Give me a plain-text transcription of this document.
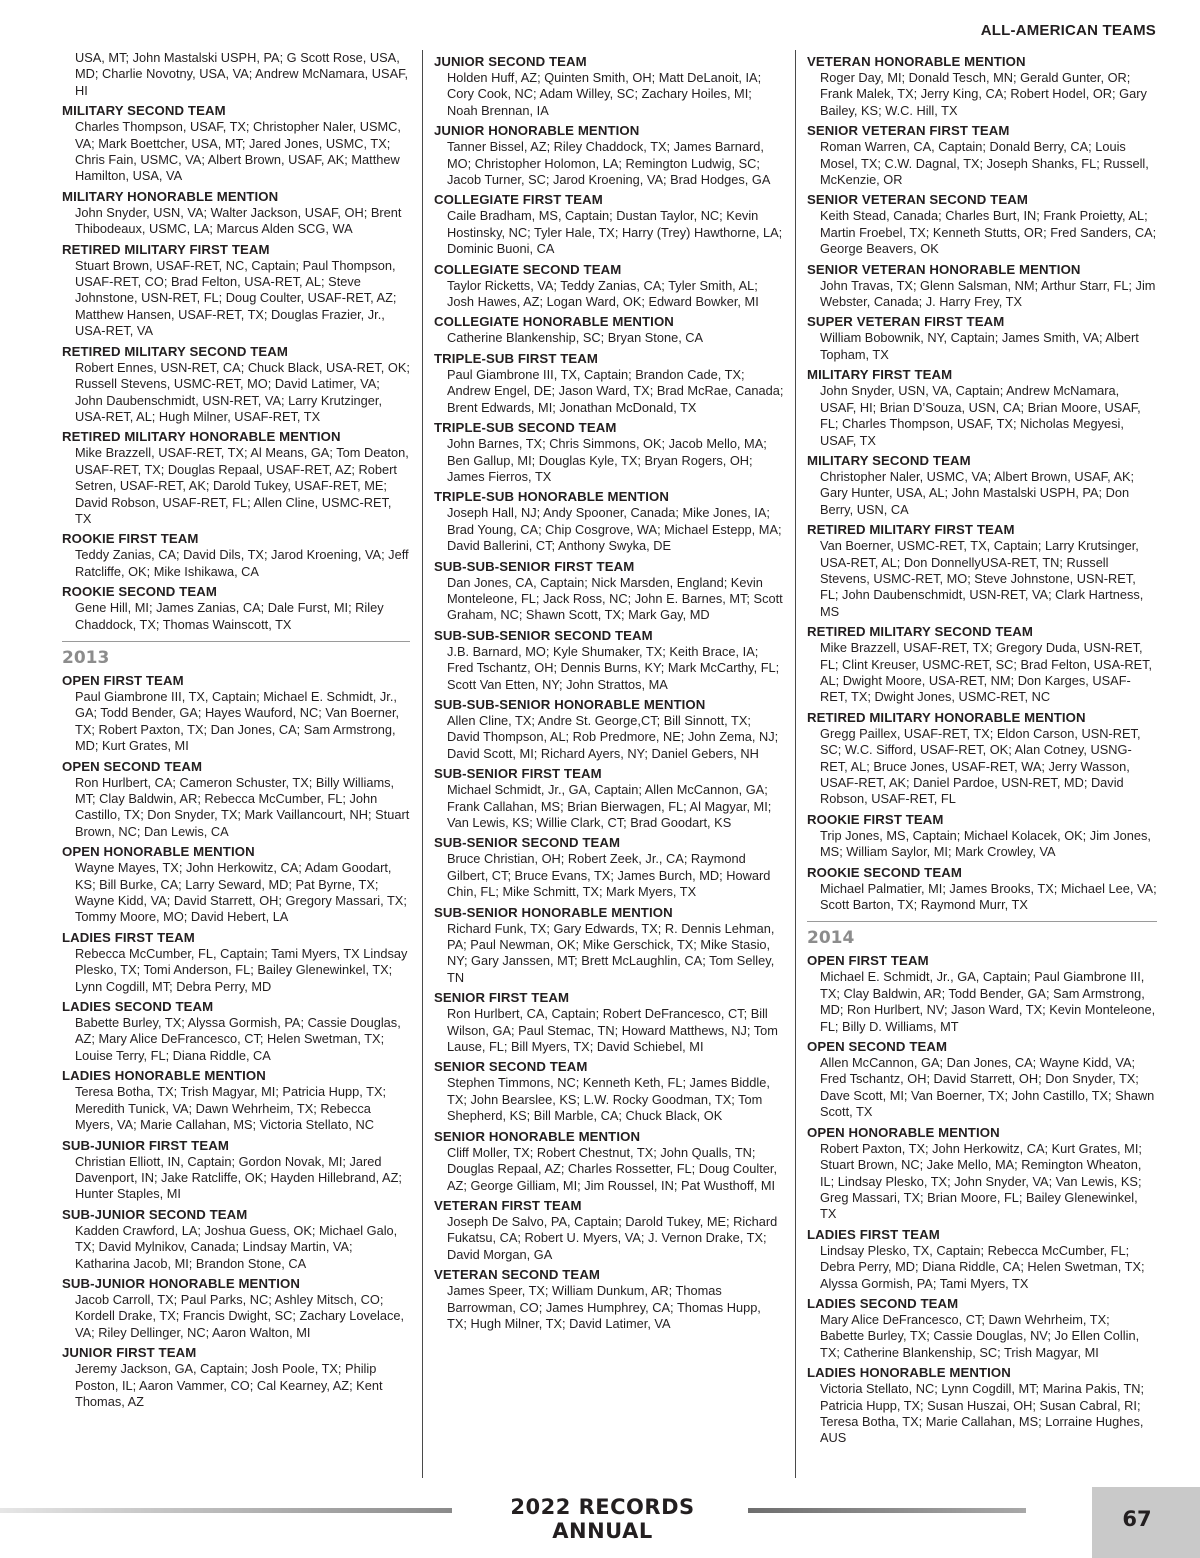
ALL-AMERICAN TEAMS
USA, MT; John Mastalski USPH, PA; G Scott Rose, USA, MD; Charlie Novotny, USA, VA; Andrew McNamara, USAF, HI
MILITARY SECOND TEAM
Charles Thompson, USAF, TX; Christopher Naler, USMC, VA; Mark Boettcher, USA, MT; Jared Jones, USMC, TX; Chris Fain, USMC, VA; Albert Brown, USAF, AK; Matthew Hamilton, USA, VA
MILITARY HONORABLE MENTION
John Snyder, USN, VA; Walter Jackson, USAF, OH; Brent Thibodeaux, USMC, LA; Marcus Alden SCG, WA
RETIRED MILITARY FIRST TEAM
Stuart Brown, USAF-RET, NC, Captain; Paul Thompson, USAF-RET, CO; Brad Felton, USA-RET, AL; Steve Johnstone, USN-RET, FL; Doug Coulter, USAF-RET, AZ; Matthew Hansen, USAF-RET, TX; Douglas Frazier, Jr., USA-RET, VA
RETIRED MILITARY SECOND TEAM
Robert Ennes, USN-RET, CA; Chuck Black, USA-RET, OK; Russell Stevens, USMC-RET, MO; David Latimer, VA; John Daubenschmidt, USN-RET, VA; Larry Krutzinger, USA-RET, AL; Hugh Milner, USAF-RET, TX
RETIRED MILITARY HONORABLE MENTION
Mike Brazzell, USAF-RET, TX; Al Means, GA; Tom Deaton, USAF-RET, TX; Douglas Repaal, USAF-RET, AZ; Robert Setren, USAF-RET, AK; Darold Tukey, USAF-RET, ME; David Robson, USAF-RET, FL; Allen Cline, USMC-RET, TX
ROOKIE FIRST TEAM
Teddy Zanias, CA; David Dils, TX; Jarod Kroening, VA; Jeff Ratcliffe, OK; Mike Ishikawa, CA
ROOKIE SECOND TEAM
Gene Hill, MI; James Zanias, CA; Dale Furst, MI; Riley Chaddock, TX; Thomas Wainscott, TX
2013
OPEN FIRST TEAM
Paul Giambrone III, TX, Captain; Michael E. Schmidt, Jr., GA; Todd Bender, GA; Hayes Wauford, NC; Van Boerner, TX; Robert Paxton, TX; Dan Jones, CA; Sam Armstrong, MD; Kurt Grates, MI
OPEN SECOND TEAM
Ron Hurlbert, CA; Cameron Schuster, TX; Billy Williams, MT; Clay Baldwin, AR; Rebecca McCumber, FL; John Castillo, TX; Don Snyder, TX; Mark Vaillancourt, NH; Stuart Brown, NC; Dan Lewis, CA
OPEN HONORABLE MENTION
Wayne Mayes, TX; John Herkowitz, CA; Adam Goodart, KS; Bill Burke, CA; Larry Seward, MD; Pat Byrne, TX; Wayne Kidd, VA; David Starrett, OH; Gregory Massari, TX; Tommy Moore, MO; David Hebert, LA
LADIES FIRST TEAM
Rebecca McCumber, FL, Captain; Tami Myers, TX Lindsay Plesko, TX; Tomi Anderson, FL; Bailey Glenewinkel, TX; Lynn Cogdill, MT; Debra Perry, MD
LADIES SECOND TEAM
Babette Burley, TX; Alyssa Gormish, PA; Cassie Douglas, AZ; Mary Alice DeFrancesco, CT; Helen Swetman, TX; Louise Terry, FL; Diana Riddle, CA
LADIES HONORABLE MENTION
Teresa Botha, TX; Trish Magyar, MI; Patricia Hupp, TX; Meredith Tunick, VA; Dawn Wehrheim, TX; Rebecca Myers, VA; Marie Callahan, MS; Victoria Stellato, NC
SUB-JUNIOR FIRST TEAM
Christian Elliott, IN, Captain; Gordon Novak, MI; Jared Davenport, IN; Jake Ratcliffe, OK; Hayden Hillebrand, AZ; Hunter Staples, MI
SUB-JUNIOR SECOND TEAM
Kadden Crawford, LA; Joshua Guess, OK; Michael Galo, TX; David Mylnikov, Canada; Lindsay Martin, VA; Katharina Jacob, MI; Brandon Stone, CA
SUB-JUNIOR HONORABLE MENTION
Jacob Carroll, TX; Paul Parks, NC; Ashley Mitsch, CO; Kordell Drake, TX; Francis Dwight, SC; Zachary Lovelace, VA; Riley Dellinger, NC; Aaron Walton, MI
JUNIOR FIRST TEAM
Jeremy Jackson, GA, Captain; Josh Poole, TX; Philip Poston, IL; Aaron Vammer, CO; Cal Kearney, AZ; Kent Thomas, AZ
JUNIOR SECOND TEAM
Holden Huff, AZ; Quinten Smith, OH; Matt DeLanoit, IA; Cory Cook, NC; Adam Willey, SC; Zachary Hoiles, MI; Noah Brennan, IA
JUNIOR HONORABLE MENTION
Tanner Bissel, AZ; Riley Chaddock, TX; James Barnard, MO; Christopher Holomon, LA; Remington Ludwig, SC; Jacob Turner, SC; Jarod Kroening, VA; Brad Hodges, GA
COLLEGIATE FIRST TEAM
Caile Bradham, MS, Captain; Dustan Taylor, NC; Kevin Hostinsky, NC; Tyler Hale, TX; Harry (Trey) Hawthorne, LA; Dominic Buoni, CA
COLLEGIATE SECOND TEAM
Taylor Ricketts, VA; Teddy Zanias, CA; Tyler Smith, AL; Josh Hawes, AZ; Logan Ward, OK; Edward Bowker, MI
COLLEGIATE HONORABLE MENTION
Catherine Blankenship, SC; Bryan Stone, CA
TRIPLE-SUB FIRST TEAM
Paul Giambrone III, TX, Captain; Brandon Cade, TX; Andrew Engel, DE; Jason Ward, TX; Brad McRae, Canada; Brent Edwards, MI; Jonathan McDonald, TX
TRIPLE-SUB SECOND TEAM
John Barnes, TX; Chris Simmons, OK; Jacob Mello, MA; Ben Gallup, MI; Douglas Kyle, TX; Bryan Rogers, OH; James Fierros, TX
TRIPLE-SUB HONORABLE MENTION
Joseph Hall, NJ; Andy Spooner, Canada; Mike Jones, IA; Brad Young, CA; Chip Cosgrove, WA; Michael Estepp, MA; David Ballerini, CT; Anthony Swyka, DE
SUB-SUB-SENIOR FIRST TEAM
Dan Jones, CA, Captain; Nick Marsden, England; Kevin Monteleone, FL; Jack Ross, NC; John E. Barnes, MT; Scott Graham, NC; Shawn Scott, TX; Mark Gay, MD
SUB-SUB-SENIOR SECOND TEAM
J.B. Barnard, MO; Kyle Shumaker, TX; Keith Brace, IA; Fred Tschantz, OH; Dennis Burns, KY; Mark McCarthy, FL; Scott Van Etten, NY; John Strattos, MA
SUB-SUB-SENIOR HONORABLE MENTION
Allen Cline, TX; Andre St. George,CT; Bill Sinnott, TX; David Thompson, AL; Rob Predmore, NE; John Zema, NJ; David Scott, MI; Richard Ayers, NY; Daniel Gebers, NH
SUB-SENIOR FIRST TEAM
Michael Schmidt, Jr., GA, Captain; Allen McCannon, GA; Frank Callahan, MS; Brian Bierwagen, FL; Al Magyar, MI; Van Lewis, KS; Willie Clark, CT; Brad Goodart, KS
SUB-SENIOR SECOND TEAM
Bruce Christian, OH; Robert Zeek, Jr., CA; Raymond Gilbert, CT; Bruce Evans, TX; James Burch, MD; Howard Chin, FL; Mike Schmitt, TX; Mark Myers, TX
SUB-SENIOR HONORABLE MENTION
Richard Funk, TX; Gary Edwards, TX; R. Dennis Lehman, PA; Paul Newman, OK; Mike Gerschick, TX; Mike Stasio, NY; Gary Janssen, MT; Brett McLaughlin, CA; Tom Selley, TN
SENIOR FIRST TEAM
Ron Hurlbert, CA, Captain; Robert DeFrancesco, CT; Bill Wilson, GA; Paul Stemac, TN; Howard Matthews, NJ; Tom Lause, FL; Bill Myers, TX; David Schiebel, MI
SENIOR SECOND TEAM
Stephen Timmons, NC; Kenneth Keth, FL; James Biddle, TX; John Bearslee, KS; L.W. Rocky Goodman, TX; Tom Shepherd, KS; Bill Marble, CA; Chuck Black, OK
SENIOR HONORABLE MENTION
Cliff Moller, TX; Robert Chestnut, TX; John Qualls, TN; Douglas Repaal, AZ; Charles Rossetter, FL; Doug Coulter, AZ; George Gilliam, MI; Jim Roussel, IN; Pat Wusthoff, MI
VETERAN FIRST TEAM
Joseph De Salvo, PA, Captain; Darold Tukey, ME; Richard Fukatsu, CA; Robert U. Myers, VA; J. Vernon Drake, TX; David Morgan, GA
VETERAN SECOND TEAM
James Speer, TX; William Dunkum, AR; Thomas Barrowman, CO; James Humphrey, CA; Thomas Hupp, TX; Hugh Milner, TX; David Latimer, VA
VETERAN HONORABLE MENTION
Roger Day, MI; Donald Tesch, MN; Gerald Gunter, OR; Frank Malek, TX; Jerry King, CA; Robert Hodel, OR; Gary Bailey, KS; W.C. Hill, TX
SENIOR VETERAN FIRST TEAM
Roman Warren, CA, Captain; Donald Berry, CA; Louis Mosel, TX; C.W. Dagnal, TX; Joseph Shanks, FL; Russell, McKenzie, OR
SENIOR VETERAN SECOND TEAM
Keith Stead, Canada; Charles Burt, IN; Frank Proietty, AL; Martin Froebel, TX; Kenneth Stutts, OR; Fred Sanders, CA; George Beavers, OK
SENIOR VETERAN HONORABLE MENTION
John Travas, TX; Glenn Salsman, NM; Arthur Starr, FL; Jim Webster, Canada; J. Harry Frey, TX
SUPER VETERAN FIRST TEAM
William Bobownik, NY, Captain; James Smith, VA; Albert Topham, TX
MILITARY FIRST TEAM
John Snyder, USN, VA, Captain; Andrew McNamara, USAF, HI; Brian D’Souza, USN, CA; Brian Moore, USAF, FL; Charles Thompson, USAF, TX; Nicholas Megyesi, USAF, TX
MILITARY SECOND TEAM
Christopher Naler, USMC, VA; Albert Brown, USAF, AK; Gary Hunter, USA, AL; John Mastalski USPH, PA; Don Berry, USN, CA
RETIRED MILITARY FIRST TEAM
Van Boerner, USMC-RET, TX, Captain; Larry Krutsinger, USA-RET, AL; Don DonnellyUSA-RET, TN; Russell Stevens, USMC-RET, MO; Steve Johnstone, USN-RET, FL; John Daubenschmidt, USN-RET, VA; Clark Hartness, MS
RETIRED MILITARY SECOND TEAM
Mike Brazzell, USAF-RET, TX; Gregory Duda, USN-RET, FL; Clint Kreuser, USMC-RET, SC; Brad Felton, USA-RET, AL; Dwight Moore, USA-RET, NM; Don Karges, USAF-RET, TX; Dwight Jones, USMC-RET, NC
RETIRED MILITARY HONORABLE MENTION
Gregg Paillex, USAF-RET, TX; Eldon Carson, USN-RET, SC; W.C. Sifford, USAF-RET, OK; Alan Cotney, USNG-RET, AL; Bruce Jones, USAF-RET, WA; Jerry Wasson, USAF-RET, AK; Daniel Pardoe, USN-RET, MD; David Robson, USAF-RET, FL
ROOKIE FIRST TEAM
Trip Jones, MS, Captain; Michael Kolacek, OK; Jim Jones, MS; William Saylor, MI; Mark Crowley, VA
ROOKIE SECOND TEAM
Michael Palmatier, MI; James Brooks, TX; Michael Lee, VA; Scott Barton, TX; Raymond Murr, TX
2014
OPEN FIRST TEAM
Michael E. Schmidt, Jr., GA, Captain; Paul Giambrone III, TX; Clay Baldwin, AR; Todd Bender, GA; Sam Armstrong, MD; Ron Hurlbert, NV; Jason Ward, TX; Kevin Monteleone, FL; Billy D. Williams, MT
OPEN SECOND TEAM
Allen McCannon, GA; Dan Jones, CA; Wayne Kidd, VA; Fred Tschantz, OH; David Starrett, OH; Don Snyder, TX; Dave Scott, MI; Van Boerner, TX; John Castillo, TX; Shawn Scott, TX
OPEN HONORABLE MENTION
Robert Paxton, TX; John Herkowitz, CA; Kurt Grates, MI; Stuart Brown, NC; Jake Mello, MA; Remington Wheaton, IL; Lindsay Plesko, TX; John Snyder, VA; Van Lewis, KS; Greg Massari, TX; Brian Moore, FL; Bailey Glenewinkel, TX
LADIES FIRST TEAM
Lindsay Plesko, TX, Captain; Rebecca McCumber, FL; Debra Perry, MD; Diana Riddle, CA; Helen Swetman, TX; Alyssa Gormish, PA; Tami Myers, TX
LADIES SECOND TEAM
Mary Alice DeFrancesco, CT; Dawn Wehrheim, TX; Babette Burley, TX; Cassie Douglas, NV; Jo Ellen Collin, TX; Catherine Blankenship, SC; Trish Magyar, MI
LADIES HONORABLE MENTION
Victoria Stellato, NC; Lynn Cogdill, MT; Marina Pakis, TN; Patricia Hupp, TX; Susan Huszai, OH; Susan Cabral, RI; Teresa Botha, TX; Marie Callahan, MS; Lorraine Hughes, AUS
2022 RECORDS ANNUAL	67
